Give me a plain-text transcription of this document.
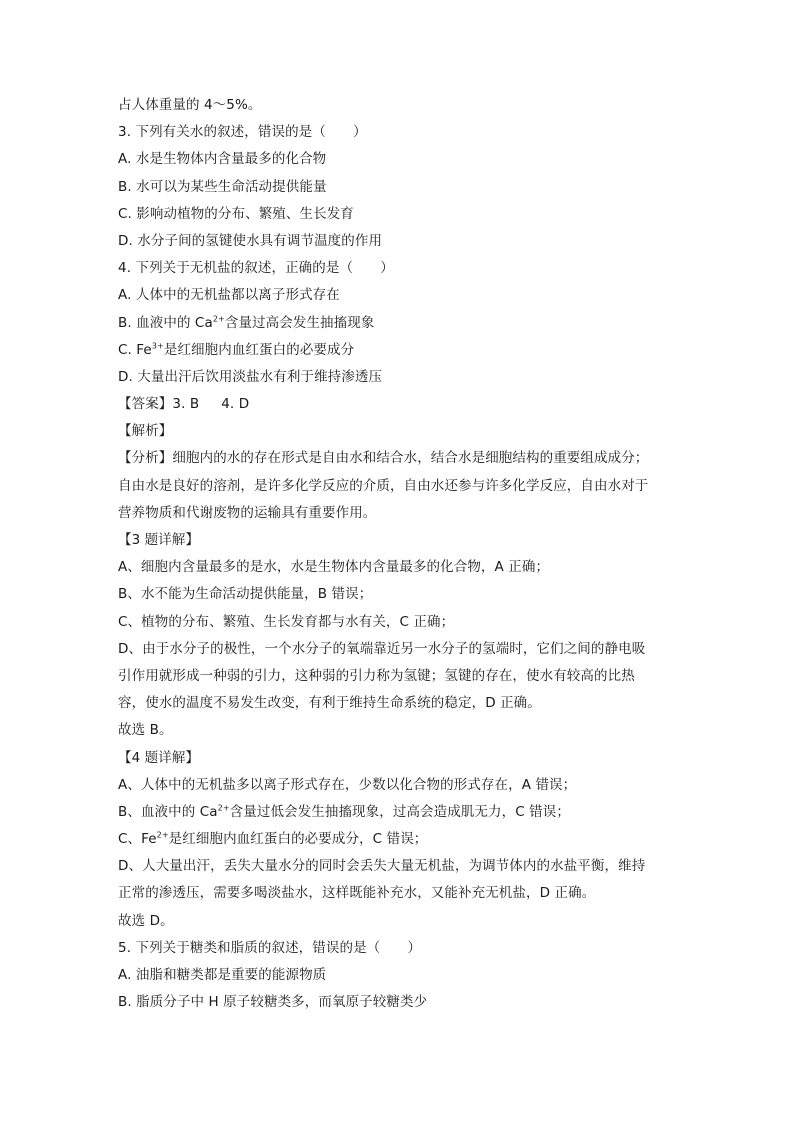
占人体重量的 4～5%。
3. 下列有关水的叙述，错误的是（　　）
A. 水是生物体内含量最多的化合物
B. 水可以为某些生命活动提供能量
C. 影响动植物的分布、繁殖、生长发育
D. 水分子间的氢键使水具有调节温度的作用
4. 下列关于无机盐的叙述，正确的是（　　）
A. 人体中的无机盐都以离子形式存在
B. 血液中的 $Ca^{2+}$含量过高会发生抽搐现象
C. $Fe^{3+}$是红细胞内血红蛋白的必要成分
D. 大量出汗后饮用淡盐水有利于维持渗透压
【答案】3. B 4. D
【解析】
【分析】细胞内的水的存在形式是自由水和结合水，结合水是细胞结构的重要组成成分；
自由水是良好的溶剂，是许多化学反应的介质，自由水还参与许多化学反应，自由水对于
营养物质和代谢废物的运输具有重要作用。
【3 题详解】
A、细胞内含量最多的是水，水是生物体内含量最多的化合物，A 正确；
B、水不能为生命活动提供能量，B 错误；
C、植物的分布、繁殖、生长发育都与水有关，C 正确；
D、由于水分子的极性，一个水分子的氧端靠近另一水分子的氢端时，它们之间的静电吸
引作用就形成一种弱的引力，这种弱的引力称为氢键；氢键的存在，使水有较高的比热
容，使水的温度不易发生改变，有利于维持生命系统的稳定，D 正确。
故选 B。
【4 题详解】
A、人体中的无机盐多以离子形式存在，少数以化合物的形式存在，A 错误；
B、血液中的 $Ca^{2+}$含量过低会发生抽搐现象，过高会造成肌无力，C 错误；
C、$Fe^{2+}$是红细胞内血红蛋白的必要成分，C 错误；
D、人大量出汗，丢失大量水分的同时会丢失大量无机盐，为调节体内的水盐平衡，维持
正常的渗透压，需要多喝淡盐水，这样既能补充水，又能补充无机盐，D 正确。
故选 D。
5. 下列关于糖类和脂质的叙述，错误的是（　　）
A. 油脂和糖类都是重要的能源物质
B. 脂质分子中 H 原子较糖类多，而氧原子较糖类少
